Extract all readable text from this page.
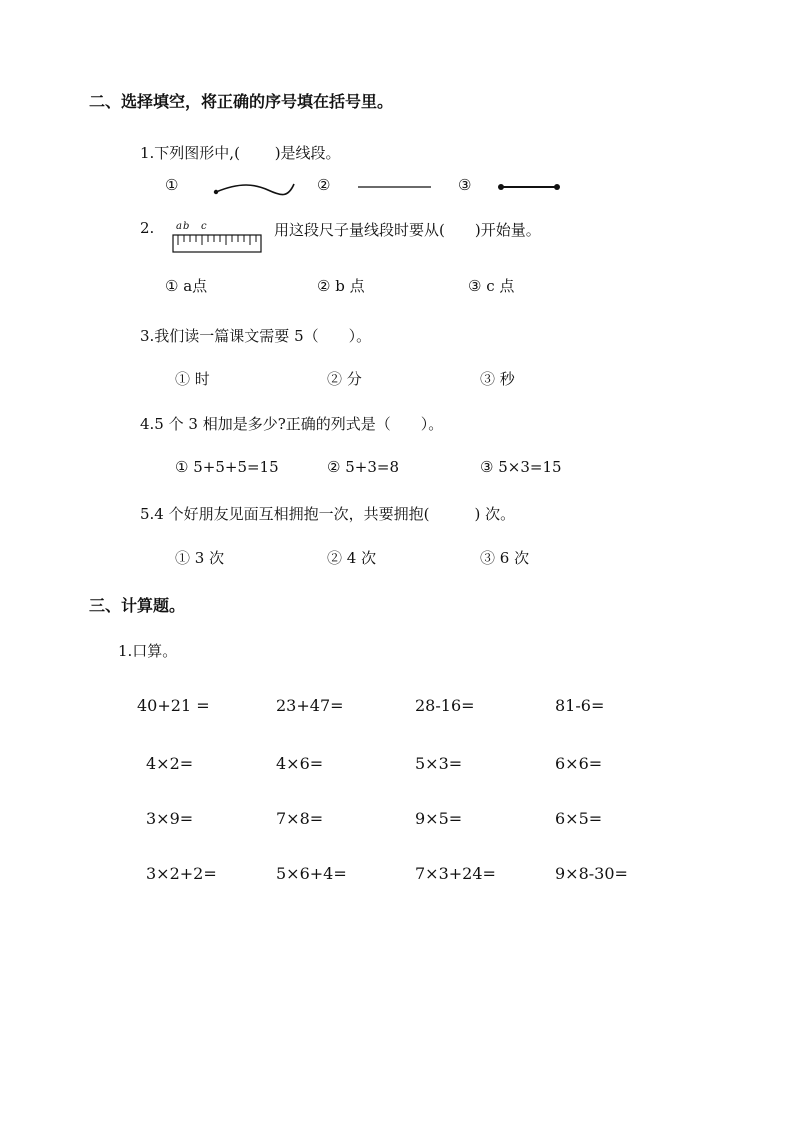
二、选择填空，将正确的序号填在括号里。
1.下列图形中,(　　 )是线段。
①	②	③
2. a b c	用这段尺子量线段时要从(　　)开始量。
① a点	② b 点	③ c 点
3.我们读一篇课文需要 5（　　）。
① 时	② 分	③ 秒
4.5 个 3 相加是多少?正确的列式是（　　）。
① 5+5+5=15	② 5+3=8	③ 5×3=15
5.4 个好朋友见面互相拥抱一次，共要拥抱(　　　) 次。
① 3 次	② 4 次	③ 6 次
三、计算题。
1.口算。
40+21 =	23+47=	28-16=	81-6=
4×2=	4×6=	5×3=	6×6=
3×9=	7×8=	9×5=	6×5=
3×2+2=	5×6+4=	7×3+24=	9×8-30=
